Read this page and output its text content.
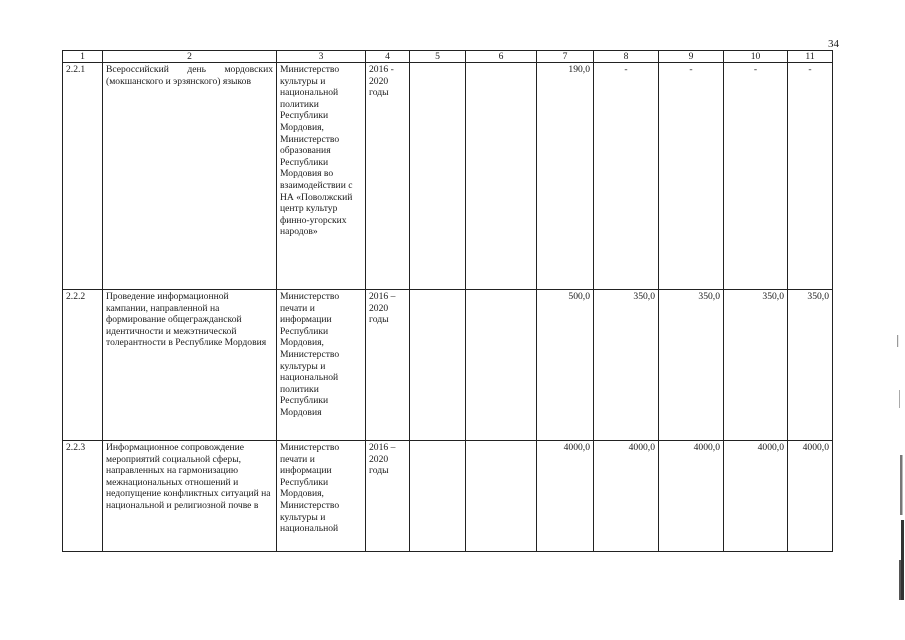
34
1	2	3	4	5	6	7	8	9	10	11
2.2.1	Всероссийский день мордовских (мокшанского и эрзянского) языков	Министерство культуры и национальной политики Республики Мордовия, Министерство образования Республики Мордовия во взаимодействии с НА «Поволжский центр культур финно-угорских народов»	2016 - 2020 годы			190,0	-	-	-	-
2.2.2	Проведение информационной кампании, направленной на формирование общегражданской идентичности и межэтнической толерантности в Республике Мордовия	Министерство печати и информации Республики Мордовия, Министерство культуры и национальной политики Республики Мордовия	2016 – 2020 годы			500,0	350,0	350,0	350,0	350,0
2.2.3	Информационное сопровождение мероприятий социальной сферы, направленных на гармонизацию межнациональных отношений и недопущение конфликтных ситуаций на национальной и религиозной почве в	Министерство печати и информации Республики Мордовия, Министерство культуры и национальной	2016 – 2020 годы			4000,0	4000,0	4000,0	4000,0	4000,0
